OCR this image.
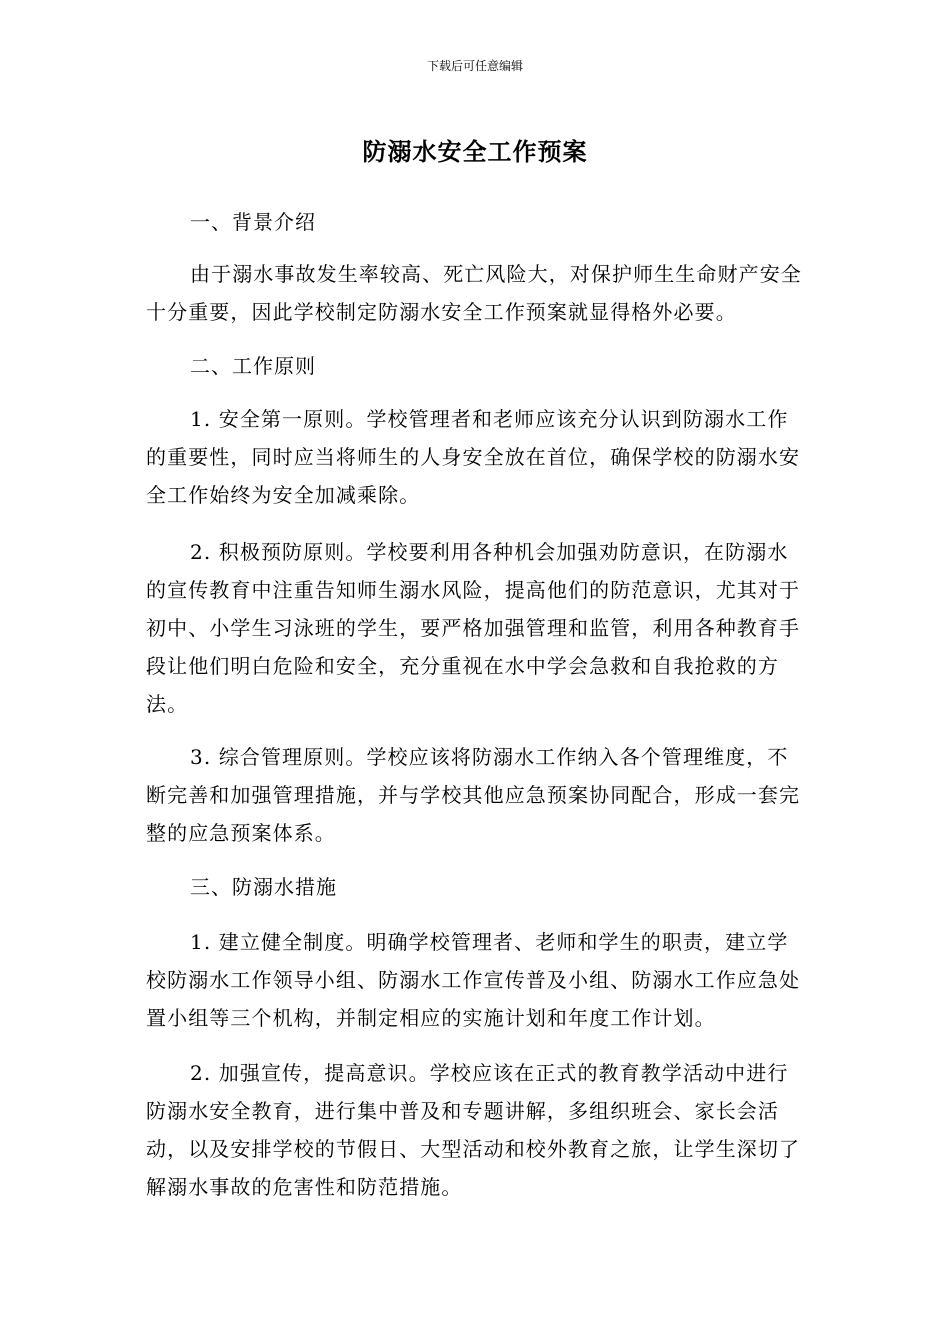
下载后可任意编辑
防溺水安全工作预案
一、背景介绍
由于溺水事故发生率较高、死亡风险大，对保护师生生命财产安全十分重要，因此学校制定防溺水安全工作预案就显得格外必要。
二、工作原则
1. 安全第一原则。学校管理者和老师应该充分认识到防溺水工作的重要性，同时应当将师生的人身安全放在首位，确保学校的防溺水安全工作始终为安全加减乘除。
2. 积极预防原则。学校要利用各种机会加强劝防意识，在防溺水的宣传教育中注重告知师生溺水风险，提高他们的防范意识，尤其对于初中、小学生习泳班的学生，要严格加强管理和监管，利用各种教育手段让他们明白危险和安全，充分重视在水中学会急救和自我抢救的方法。
3. 综合管理原则。学校应该将防溺水工作纳入各个管理维度，不断完善和加强管理措施，并与学校其他应急预案协同配合，形成一套完整的应急预案体系。
三、防溺水措施
1. 建立健全制度。明确学校管理者、老师和学生的职责，建立学校防溺水工作领导小组、防溺水工作宣传普及小组、防溺水工作应急处置小组等三个机构，并制定相应的实施计划和年度工作计划。
2. 加强宣传，提高意识。学校应该在正式的教育教学活动中进行防溺水安全教育，进行集中普及和专题讲解，多组织班会、家长会活动，以及安排学校的节假日、大型活动和校外教育之旅，让学生深切了解溺水事故的危害性和防范措施。
